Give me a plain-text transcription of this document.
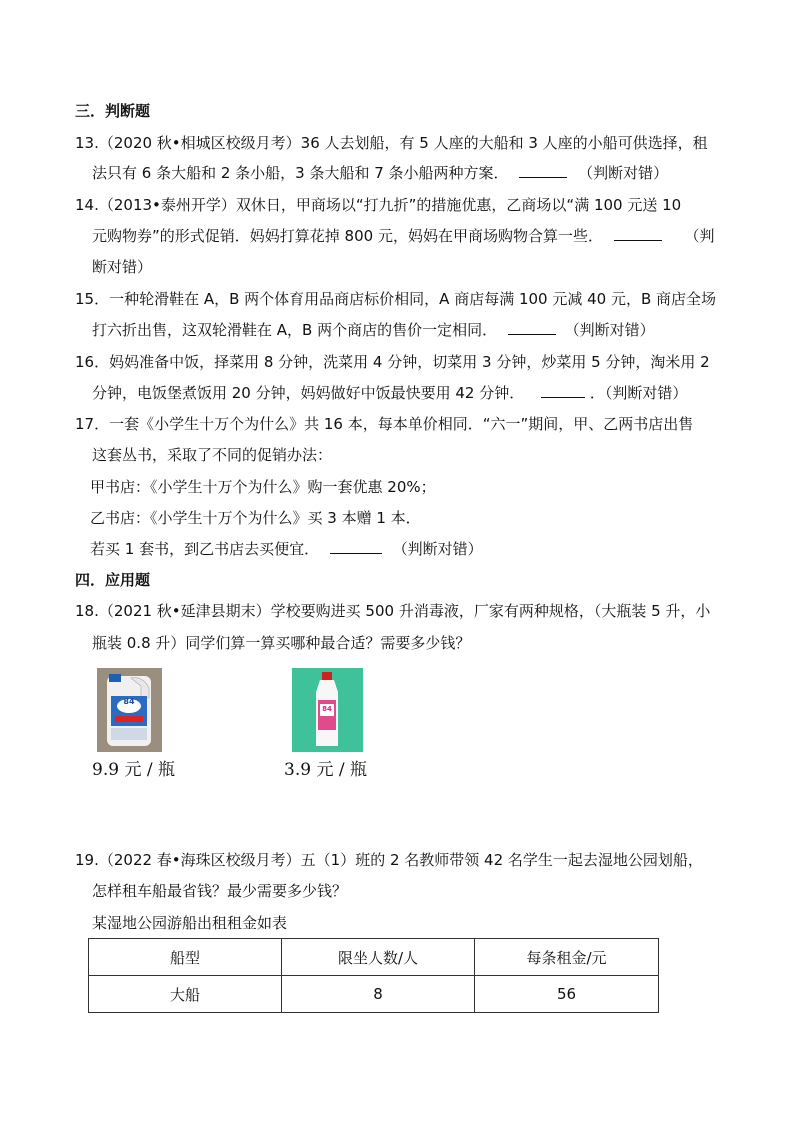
三．判断题
13.（2020 秋•相城区校级月考）36 人去划船，有 5 人座的大船和 3 人座的小船可供选择，租
法只有 6 条大船和 2 条小船，3 条大船和 7 条小船两种方案．	（判断对错）
14.（2013•泰州开学）双休日，甲商场以“打九折”的措施优惠，乙商场以“满 100 元送 10
元购物券”的形式促销．妈妈打算花掉 800 元，妈妈在甲商场购物合算一些．	（判
断对错）
15．一种轮滑鞋在 A，B 两个体育用品商店标价相同，A 商店每满 100 元减 40 元，B 商店全场
打六折出售，这双轮滑鞋在 A，B 两个商店的售价一定相同．	（判断对错）
16．妈妈准备中饭，择菜用 8 分钟，洗菜用 4 分钟，切菜用 3 分钟，炒菜用 5 分钟，淘米用 2
分钟，电饭堡煮饭用 20 分钟，妈妈做好中饭最快要用 42 分钟．	．（判断对错）
17．一套《小学生十万个为什么》共 16 本，每本单价相同．“六一”期间，甲、乙两书店出售
这套丛书，采取了不同的促销办法：
甲书店：《小学生十万个为什么》购一套优惠 20%；
乙书店：《小学生十万个为什么》买 3 本赠 1 本．
若买 1 套书，到乙书店去买便宜．	（判断对错）
四．应用题
18.（2021 秋•延津县期末）学校要购进买 500 升消毒液，厂家有两种规格，（大瓶装 5 升，小
瓶装 0.8 升）同学们算一算买哪种最合适？需要多少钱？
84
9.9 元 / 瓶
84
3.9 元 / 瓶
19.（2022 春•海珠区校级月考）五（1）班的 2 名教师带领 42 名学生一起去湿地公园划船，
怎样租车船最省钱？最少需要多少钱？
某湿地公园游船出租租金如表
船型	限坐人数/人	每条租金/元
大船	8	56
